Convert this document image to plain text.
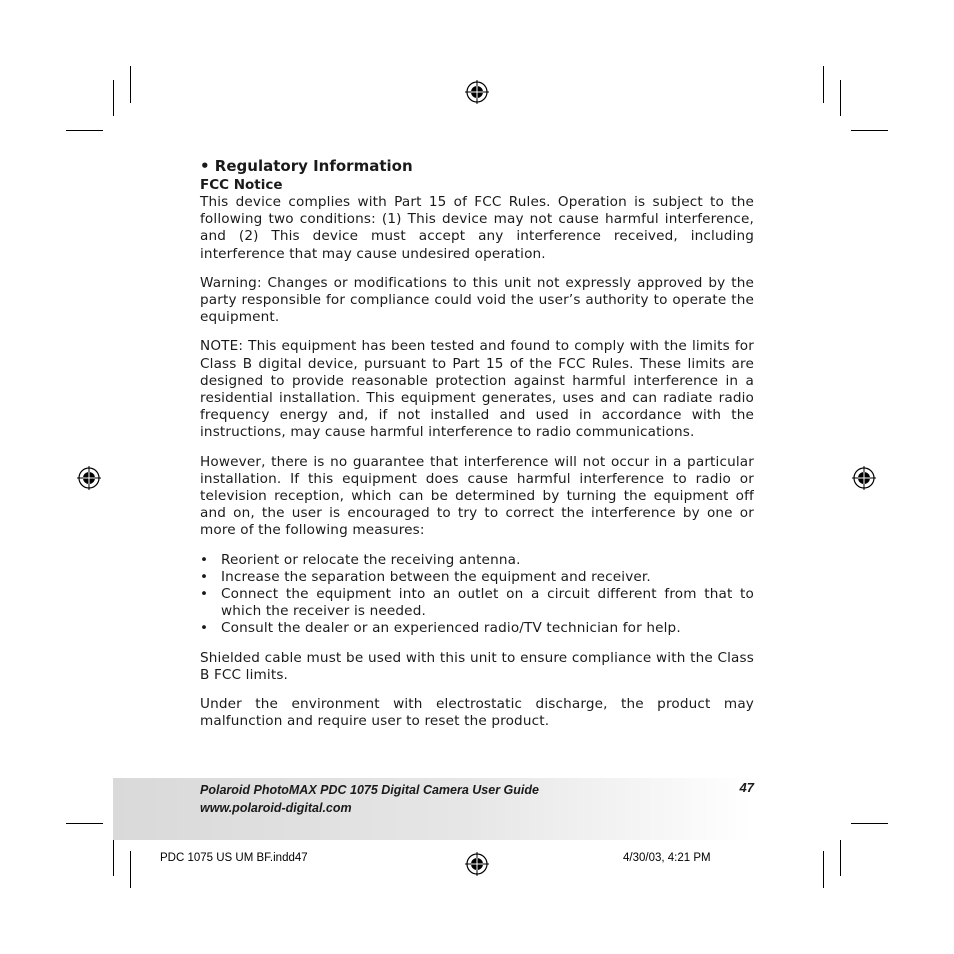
• Regulatory Information
FCC Notice

This device complies with Part 15 of FCC Rules. Operation is subject to the following two conditions: (1) This device may not cause harmful interference, and (2) This device must accept any interference received, including interference that may cause undesired operation.

Warning: Changes or modifications to this unit not expressly approved by the party responsible for compliance could void the user’s authority to operate the equipment.

NOTE: This equipment has been tested and found to comply with the limits for Class B digital device, pursuant to Part 15 of the FCC Rules. These limits are designed to provide reasonable protection against harmful interference in a residential installation. This equipment generates, uses and can radiate radio frequency energy and, if not installed and used in accordance with the instructions, may cause harmful interference to radio communications.

However, there is no guarantee that interference will not occur in a particular installation. If this equipment does cause harmful interference to radio or television reception, which can be determined by turning the equipment off and on, the user is encouraged to try to correct the interference by one or more of the following measures:

• Reorient or relocate the receiving antenna.
• Increase the separation between the equipment and receiver.
• Connect the equipment into an outlet on a circuit different from that to which the receiver is needed.
• Consult the dealer or an experienced radio/TV technician for help.

Shielded cable must be used with this unit to ensure compliance with the Class B FCC limits.

Under the environment with electrostatic discharge, the product may malfunction and require user to reset the product.

Polaroid PhotoMAX PDC 1075 Digital Camera User Guide
www.polaroid-digital.com
47
PDC 1075 US UM BF.indd47	4/30/03, 4:21 PM
